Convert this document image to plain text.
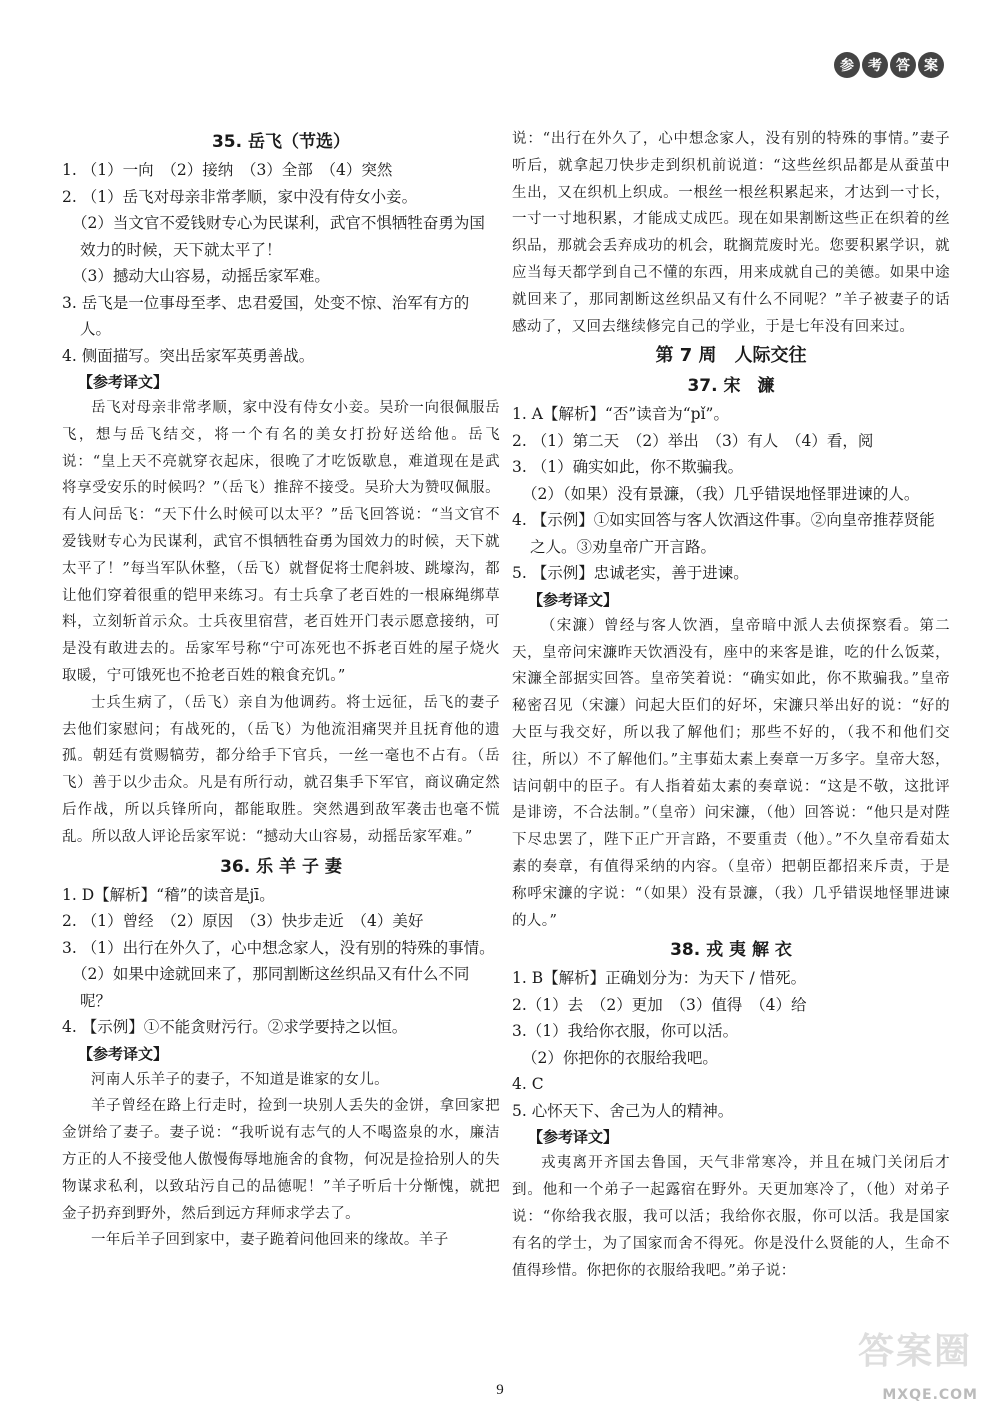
参	考	答	案
35. 岳飞（节选）
1. （1）一向　（2）接纳　（3）全部　（4）突然
2. （1）岳飞对母亲非常孝顺，家中没有侍女小妾。
（2）当文官不爱钱财专心为民谋利，武官不惧牺牲奋勇为国效力的时候，天下就太平了！
（3）撼动大山容易，动摇岳家军难。
3. 岳飞是一位事母至孝、忠君爱国，处变不惊、治军有方的人。
4. 侧面描写。突出岳家军英勇善战。
【参考译文】
岳飞对母亲非常孝顺，家中没有侍女小妾。吴玠一向很佩服岳飞，想与岳飞结交，将一个有名的美女打扮好送给他。岳飞说：“皇上天不亮就穿衣起床，很晚了才吃饭歇息，难道现在是武将享受安乐的时候吗？”（岳飞）推辞不接受。吴玠大为赞叹佩服。有人问岳飞：“天下什么时候可以太平？”岳飞回答说：“当文官不爱钱财专心为民谋利，武官不惧牺牲奋勇为国效力的时候，天下就太平了！”每当军队休整，（岳飞）就督促将士爬斜坡、跳壕沟，都让他们穿着很重的铠甲来练习。有士兵拿了老百姓的一根麻绳绑草料，立刻斩首示众。士兵夜里宿营，老百姓开门表示愿意接纳，可是没有敢进去的。岳家军号称“宁可冻死也不拆老百姓的屋子烧火取暖，宁可饿死也不抢老百姓的粮食充饥。”
士兵生病了，（岳飞）亲自为他调药。将士远征，岳飞的妻子去他们家慰问；有战死的，（岳飞）为他流泪痛哭并且抚育他的遗孤。朝廷有赏赐犒劳，都分给手下官兵，一丝一毫也不占有。（岳飞）善于以少击众。凡是有所行动，就召集手下军官，商议确定然后作战，所以兵锋所向，都能取胜。突然遇到敌军袭击也毫不慌乱。所以敌人评论岳家军说：“撼动大山容易，动摇岳家军难。”
36. 乐 羊 子 妻
1. D【解析】“稽”的读音是jī。
2. （1）曾经　（2）原因　（3）快步走近　（4）美好
3. （1）出行在外久了，心中想念家人，没有别的特殊的事情。
（2）如果中途就回来了，那同割断这丝织品又有什么不同呢？
4. 【示例】①不能贪财污行。②求学要持之以恒。
【参考译文】
河南人乐羊子的妻子，不知道是谁家的女儿。
羊子曾经在路上行走时，捡到一块别人丢失的金饼，拿回家把金饼给了妻子。妻子说：“我听说有志气的人不喝盗泉的水，廉洁方正的人不接受他人傲慢侮辱地施舍的食物，何况是捡拾别人的失物谋求私利，以致玷污自己的品德呢！”羊子听后十分惭愧，就把金子扔弃到野外，然后到远方拜师求学去了。
一年后羊子回到家中，妻子跪着问他回来的缘故。羊子
说：“出行在外久了，心中想念家人，没有别的特殊的事情。”妻子听后，就拿起刀快步走到织机前说道：“这些丝织品都是从蚕茧中生出，又在织机上织成。一根丝一根丝积累起来，才达到一寸长，一寸一寸地积累，才能成丈成匹。现在如果割断这些正在织着的丝织品，那就会丢弃成功的机会，耽搁荒废时光。您要积累学识，就应当每天都学到自己不懂的东西，用来成就自己的美德。如果中途就回来了，那同割断这丝织品又有什么不同呢？”羊子被妻子的话感动了，又回去继续修完自己的学业，于是七年没有回来过。
第 7 周　人际交往
37. 宋　濂
1. A【解析】“否”读音为“pǐ”。
2. （1）第二天　（2）举出　（3）有人　（4）看，阅
3. （1）确实如此，你不欺骗我。
（2）（如果）没有景濂，（我）几乎错误地怪罪进谏的人。
4. 【示例】①如实回答与客人饮酒这件事。②向皇帝推荐贤能之人。③劝皇帝广开言路。
5. 【示例】忠诚老实，善于进谏。
【参考译文】
（宋濂）曾经与客人饮酒，皇帝暗中派人去侦探察看。第二天，皇帝问宋濂昨天饮酒没有，座中的来客是谁，吃的什么饭菜，宋濂全部据实回答。皇帝笑着说：“确实如此，你不欺骗我。”皇帝秘密召见（宋濂）问起大臣们的好坏，宋濂只举出好的说：“好的大臣与我交好，所以我了解他们；那些不好的，（我不和他们交往，所以）不了解他们。”主事茹太素上奏章一万多字。皇帝大怒，诘问朝中的臣子。有人指着茹太素的奏章说：“这是不敬，这批评是诽谤，不合法制。”（皇帝）问宋濂，（他）回答说：“他只是对陛下尽忠罢了，陛下正广开言路，不要重责（他）。”不久皇帝看茹太素的奏章，有值得采纳的内容。（皇帝）把朝臣都招来斥责，于是称呼宋濂的字说：“（如果）没有景濂，（我）几乎错误地怪罪进谏的人。”
38. 戎 夷 解 衣
1. B【解析】正确划分为：为天下 / 惜死。
2.（1）去　（2）更加　（3）值得　（4）给
3.（1）我给你衣服，你可以活。
（2）你把你的衣服给我吧。
4. C
5. 心怀天下、舍己为人的精神。
【参考译文】
戎夷离开齐国去鲁国，天气非常寒冷，并且在城门关闭后才到。他和一个弟子一起露宿在野外。天更加寒冷了，（他）对弟子说：“你给我衣服，我可以活；我给你衣服，你可以活。我是国家有名的学士，为了国家而舍不得死。你是没什么贤能的人，生命不值得珍惜。你把你的衣服给我吧。”弟子说：
9
答案圈
MXQE.COM
